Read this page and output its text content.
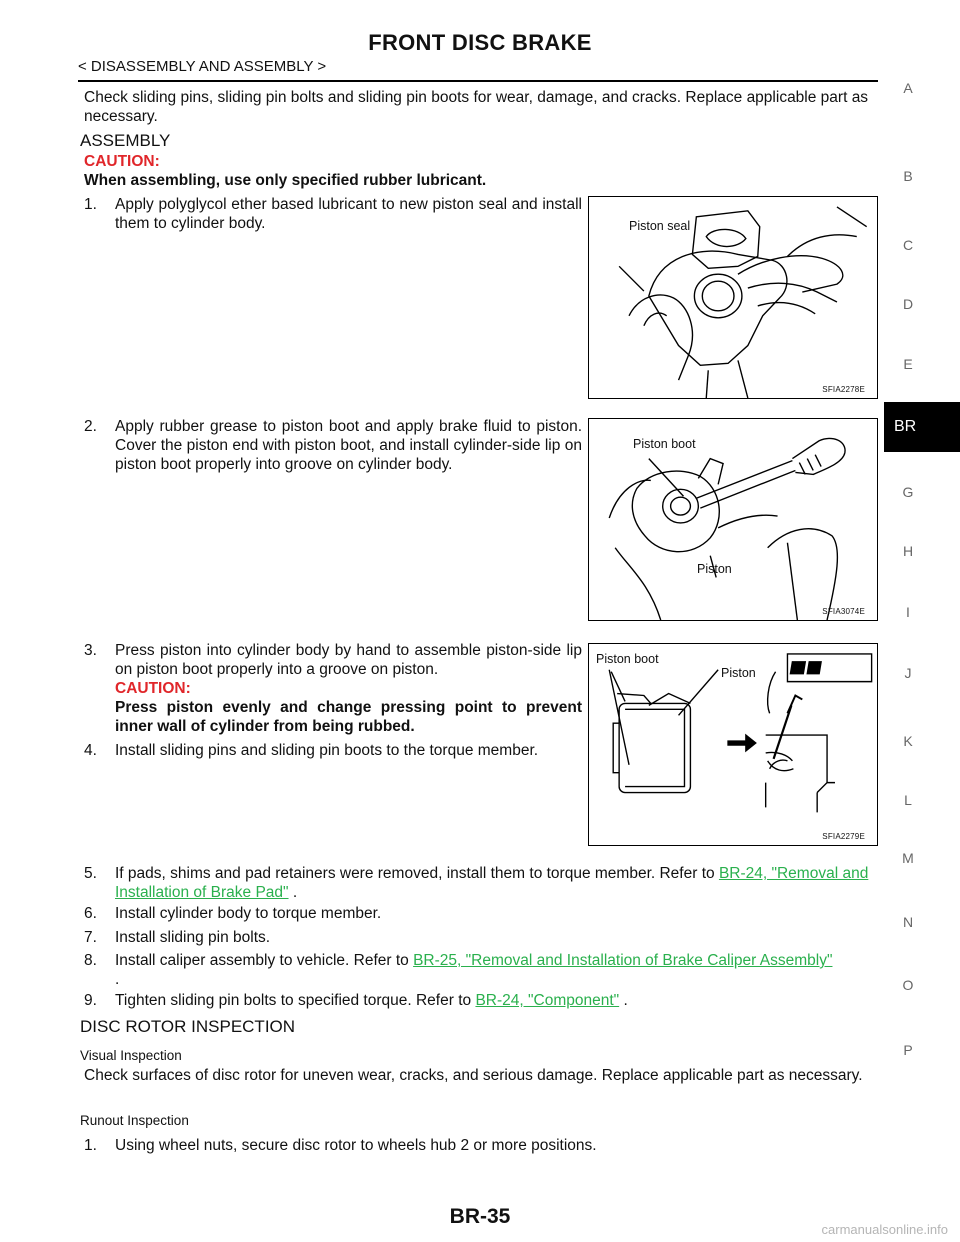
FRONT DISC BRAKE
< DISASSEMBLY AND ASSEMBLY >
Check sliding pins, sliding pin bolts and sliding pin boots for wear, damage, and cracks. Replace applicable part as necessary.
ASSEMBLY
CAUTION:
When assembling, use only specified rubber lubricant.
1. Apply polyglycol ether based lubricant to new piston seal and install them to cylinder body.	Piston seal
SFIA2278E
2. Apply rubber grease to piston boot and apply brake fluid to piston. Cover the piston end with piston boot, and install cylinder-side lip on piston boot properly into groove on cylinder body.
Piston boot
Piston
SFIA3074E
3. Press piston into cylinder body by hand to assemble piston-side lip on piston boot properly into a groove on piston.
CAUTION:
Press piston evenly and change pressing point to prevent inner wall of cylinder from being rubbed.
4. Install sliding pins and sliding pin boots to the torque member.
Piston boot
Piston
SFIA2279E
5. If pads, shims and pad retainers were removed, install them to torque member. Refer to BR-24, "Removal and Installation of Brake Pad" .
6. Install cylinder body to torque member.
7. Install sliding pin bolts.
8. Install caliper assembly to vehicle. Refer to BR-25, "Removal and Installation of Brake Caliper Assembly"
.
9. Tighten sliding pin bolts to specified torque. Refer to BR-24, "Component" .
DISC ROTOR INSPECTION
Visual Inspection
Check surfaces of disc rotor for uneven wear, cracks, and serious damage. Replace applicable part as necessary.
Runout Inspection
1. Using wheel nuts, secure disc rotor to wheels hub 2 or more positions.
A
B
C
D
E
G
H
I
J
K
L
M
N
O
P
BR
BR-35
carmanualsonline.info
